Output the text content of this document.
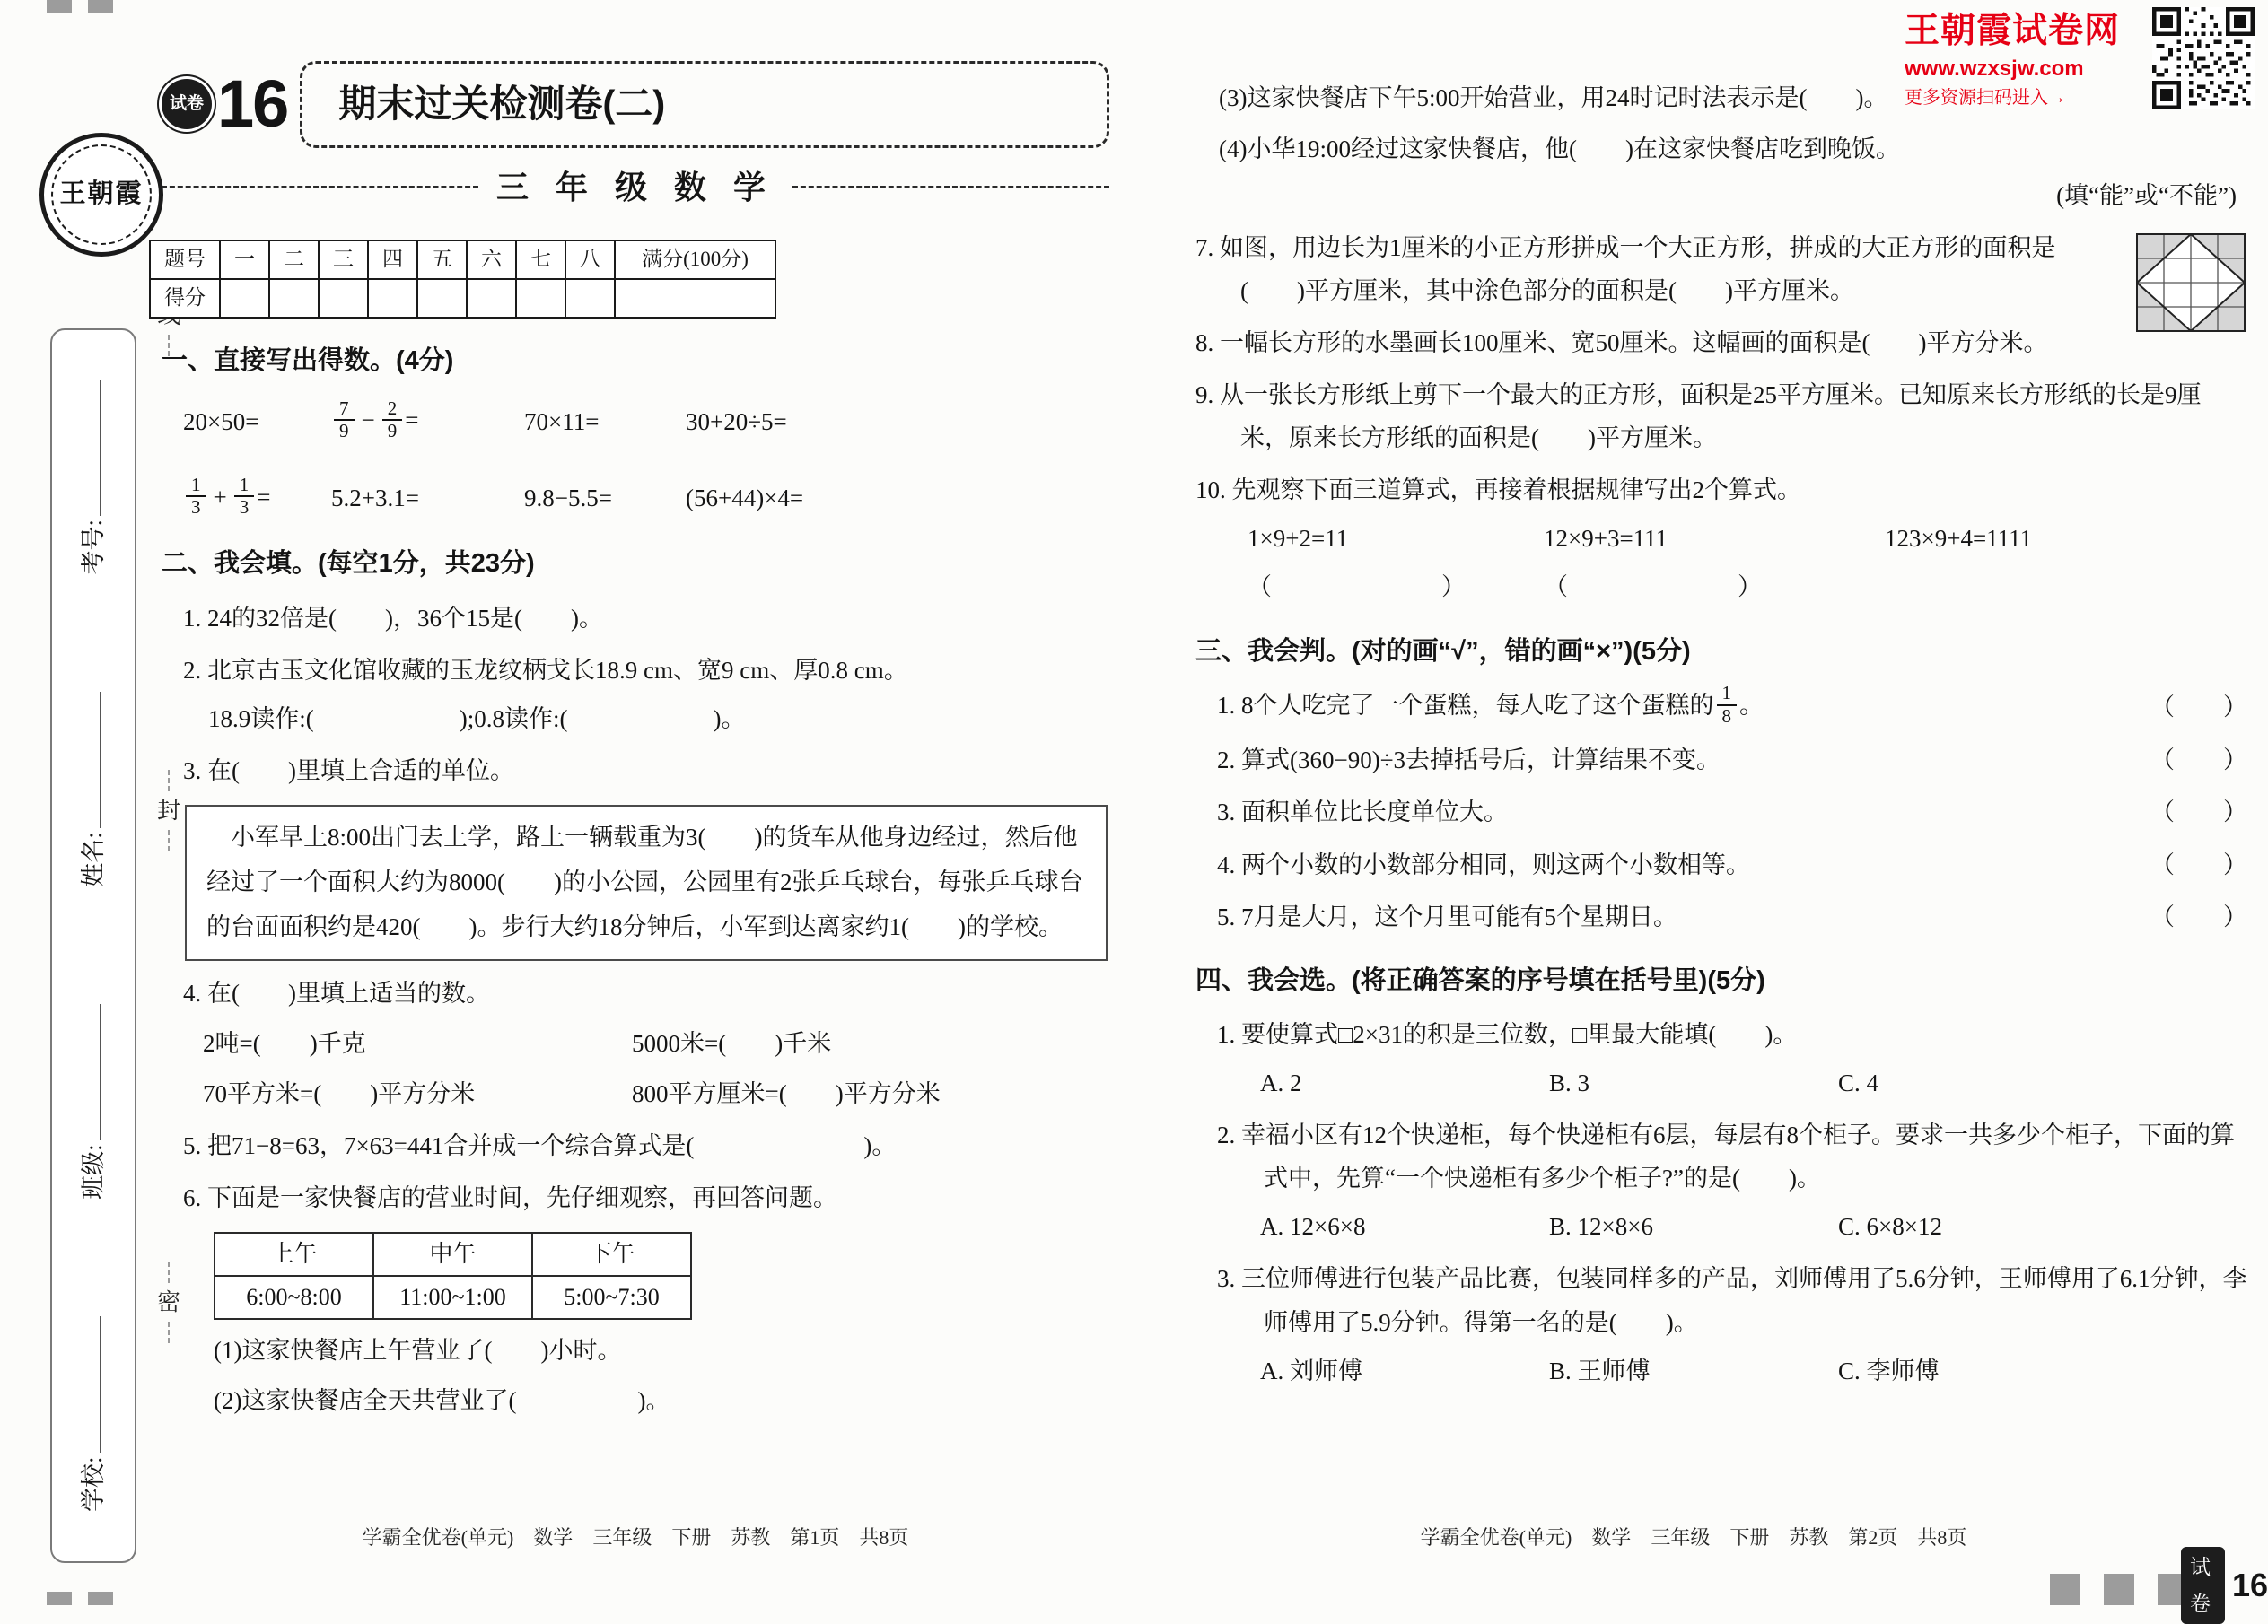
王朝霞试卷网
www.wzxsjw.com
更多资源扫码进入→
王朝霞
封
密
学校:
班级:
姓名:
考号:
试卷 16	期末过关检测卷(二)
三 年 级 数 学
题号	一	二	三	四	五	六	七	八	满分(100分)
得分									
一、直接写出得数。(4分)
20×50=	$\frac{7}{9} - \frac{2}{9}$ =	70×11=	30+20÷5=
$\frac{1}{3} + \frac{1}{3}$ =	5.2+3.1=	9.8−5.5=	(56+44)×4=
二、我会填。(每空1分，共23分)
1. 24的32倍是(　　)，36个15是(　　)。
2. 北京古玉文化馆收藏的玉龙纹柄戈长18.9 cm、宽9 cm、厚0.8 cm。
18.9读作:(　　　　　　);0.8读作:(　　　　　　)。
3. 在(　　)里填上合适的单位。
小军早上8:00出门去上学，路上一辆载重为3(　　)的货车从他身边经过，然后他经过了一个面积大约为8000(　　)的小公园，公园里有2张乒乓球台，每张乒乓球台的台面面积约是420(　　)。步行大约18分钟后，小军到达离家约1(　　)的学校。
4. 在(　　)里填上适当的数。
2吨=(　　)千克	5000米=(　　)千米
70平方米=(　　)平方分米	800平方厘米=(　　)平方分米
5. 把71−8=63，7×63=441合并成一个综合算式是(　　　　　　　)。
6. 下面是一家快餐店的营业时间，先仔细观察，再回答问题。
上午	中午	下午
6:00~8:00	11:00~1:00	5:00~7:30
(1)这家快餐店上午营业了(　　)小时。
(2)这家快餐店全天共营业了(　　　　　)。
(3)这家快餐店下午5:00开始营业，用24时记时法表示是(　　)。
(4)小华19:00经过这家快餐店，他(　　)在这家快餐店吃到晚饭。
(填“能”或“不能”)
7. 如图，用边长为1厘米的小正方形拼成一个大正方形，拼成的大正方形的面积是(　　)平方厘米，其中涂色部分的面积是(　　)平方厘米。
8. 一幅长方形的水墨画长100厘米、宽50厘米。这幅画的面积是(　　)平方分米。
9. 从一张长方形纸上剪下一个最大的正方形，面积是25平方厘米。已知原来长方形纸的长是9厘米，原来长方形纸的面积是(　　)平方厘米。
10. 先观察下面三道算式，再接着根据规律写出2个算式。
1×9+2=11	12×9+3=111	123×9+4=1111
（　　　　　　　）	（　　　　　　　）
三、我会判。(对的画“√”，错的画“×”)(5分)
1. 8个人吃完了一个蛋糕，每人吃了这个蛋糕的 $\frac{1}{8}$ 。	（　　）
2. 算式(360−90)÷3去掉括号后，计算结果不变。	（　　）
3. 面积单位比长度单位大。	（　　）
4. 两个小数的小数部分相同，则这两个小数相等。	（　　）
5. 7月是大月，这个月里可能有5个星期日。	（　　）
四、我会选。(将正确答案的序号填在括号里)(5分)
1. 要使算式□2×31的积是三位数，□里最大能填(　　)。
A. 2	B. 3	C. 4
2. 幸福小区有12个快递柜，每个快递柜有6层，每层有8个柜子。要求一共多少个柜子，下面的算式中，先算“一个快递柜有多少个柜子?”的是(　　)。
A. 12×6×8	B. 12×8×6	C. 6×8×12
3. 三位师傅进行包装产品比赛，包装同样多的产品，刘师傅用了5.6分钟，王师傅用了6.1分钟，李师傅用了5.9分钟。得第一名的是(　　)。
A. 刘师傅	B. 王师傅	C. 李师傅
学霸全优卷(单元)　数学　三年级　下册　苏教　第1页　共8页	学霸全优卷(单元)　数学　三年级　下册　苏教　第2页　共8页
试卷
16
